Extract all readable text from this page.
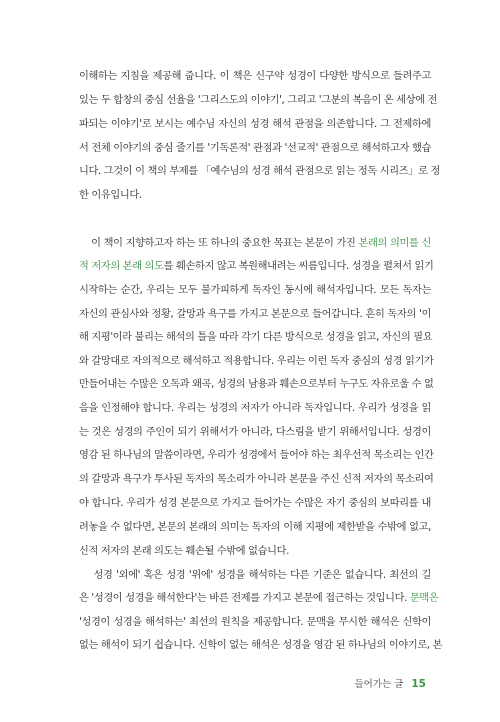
이해하는 지침을 제공해 줍니다. 이 책은 신구약 성경이 다양한 방식으로 들려주고
있는 두 합창의 중심 선율을 '그리스도의 이야기', 그리고 '그분의 복음이 온 세상에 전
파되는 이야기'로 보시는 예수님 자신의 성경 해석 관점을 의존합니다. 그 전제하에
서 전체 이야기의 중심 줄기를 '기독론적' 관점과 '선교적' 관점으로 해석하고자 했습
니다. 그것이 이 책의 부제를 「예수님의 성경 해석 관점으로 읽는 정독 시리즈」로 정
한 이유입니다.
이 책이 지향하고자 하는 또 하나의 중요한 목표는 본문이 가진 본래의 의미를 신
적 저자의 본래 의도를 훼손하지 않고 복원해내려는 씨름입니다. 성경을 펼쳐서 읽기
시작하는 순간, 우리는 모두 불가피하게 독자인 동시에 해석자입니다. 모든 독자는
자신의 관심사와 정황, 갈망과 욕구를 가지고 본문으로 들어갑니다. 흔히 독자의 '이
해 지평'이라 불리는 해석의 틀을 따라 각기 다른 방식으로 성경을 읽고, 자신의 필요
와 갈망대로 자의적으로 해석하고 적용합니다. 우리는 이런 독자 중심의 성경 읽기가
만들어내는 수많은 오독과 왜곡, 성경의 남용과 훼손으로부터 누구도 자유로울 수 없
음을 인정해야 합니다. 우리는 성경의 저자가 아니라 독자입니다. 우리가 성경을 읽
는 것은 성경의 주인이 되기 위해서가 아니라, 다스림을 받기 위해서입니다. 성경이
영감 된 하나님의 말씀이라면, 우리가 성경에서 들어야 하는 최우선적 목소리는 인간
의 갈망과 욕구가 투사된 독자의 목소리가 아니라 본문을 주신 신적 저자의 목소리여
야 합니다. 우리가 성경 본문으로 가지고 들어가는 수많은 자기 중심의 보따리를 내
려놓을 수 없다면, 본문의 본래의 의미는 독자의 이해 지평에 제한받을 수밖에 없고,
신적 저자의 본래 의도는 훼손될 수밖에 없습니다.
성경 '외에' 혹은 성경 '위에' 성경을 해석하는 다른 기준은 없습니다. 최선의 길
은 '성경이 성경을 해석한다'는 바른 전제를 가지고 본문에 접근하는 것입니다. 문맥은
'성경이 성경을 해석하는' 최선의 원칙을 제공합니다. 문맥을 무시한 해석은 신학이
없는 해석이 되기 쉽습니다. 신학이 없는 해석은 성경을 영감 된 하나님의 이야기로, 본
들어가는 글 15
